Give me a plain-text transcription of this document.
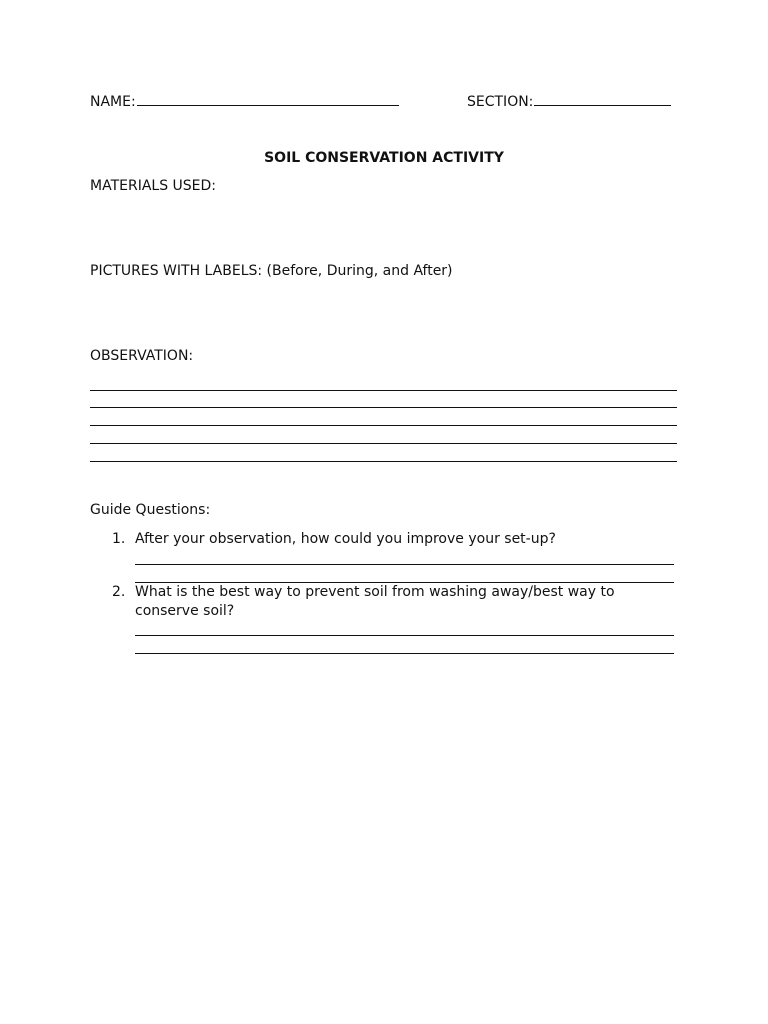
NAME:	SECTION:
SOIL CONSERVATION ACTIVITY
MATERIALS USED:
PICTURES WITH LABELS: (Before, During, and After)
OBSERVATION:
Guide Questions:
1. After your observation, how could you improve your set-up?
2. What is the best way to prevent soil from washing away/best way to conserve soil?
